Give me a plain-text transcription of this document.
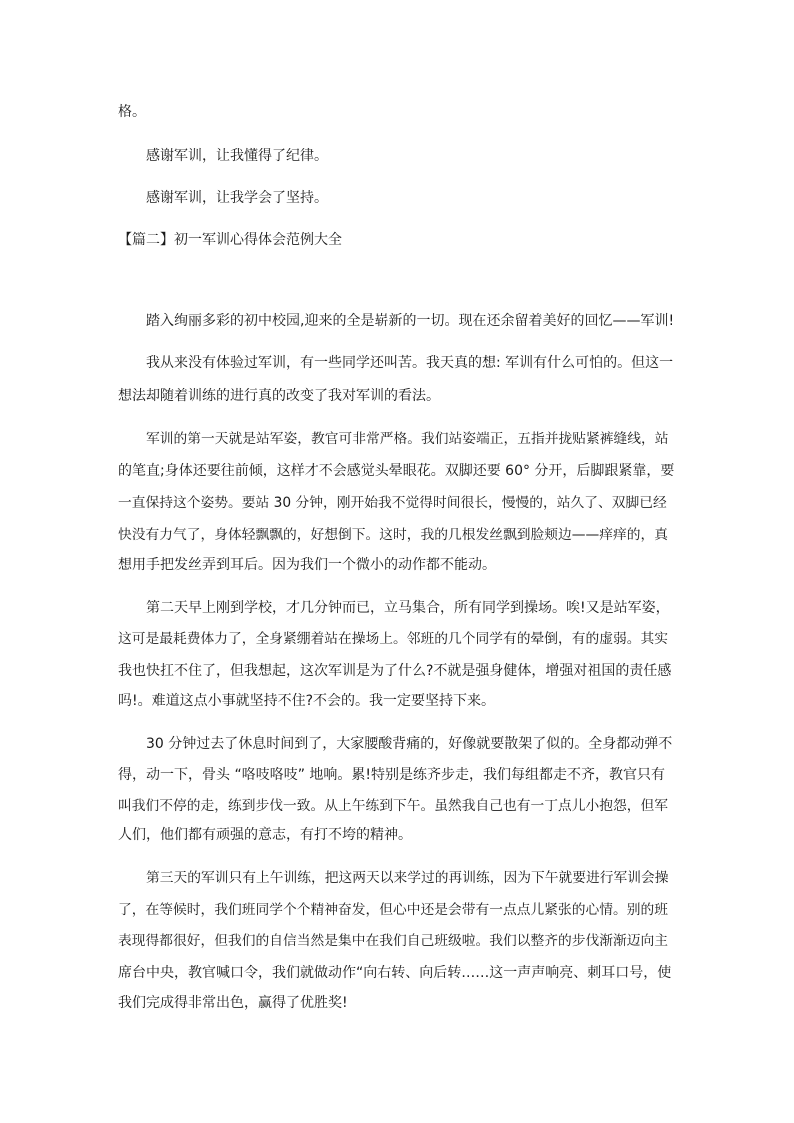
格。
感谢军训，让我懂得了纪律。
感谢军训，让我学会了坚持。
【篇二】初一军训心得体会范例大全
踏入绚丽多彩的初中校园,迎来的全是崭新的一切。现在还余留着美好的回忆——军训!
我从来没有体验过军训，有一些同学还叫苦。我天真的想: 军训有什么可怕的。但这一
想法却随着训练的进行真的改变了我对军训的看法。
军训的第一天就是站军姿，教官可非常严格。我们站姿端正，五指并拢贴紧裤缝线，站
的笔直;身体还要往前倾，这样才不会感觉头晕眼花。双脚还要 60° 分开，后脚跟紧靠，要
一直保持这个姿势。要站 30 分钟，刚开始我不觉得时间很长，慢慢的，站久了、双脚已经
快没有力气了，身体轻飘飘的，好想倒下。这时，我的几根发丝飘到脸颊边——痒痒的，真
想用手把发丝弄到耳后。因为我们一个微小的动作都不能动。
第二天早上刚到学校，才几分钟而已，立马集合，所有同学到操场。唉!又是站军姿，
这可是最耗费体力了，全身紧绷着站在操场上。邻班的几个同学有的晕倒，有的虚弱。其实
我也快扛不住了，但我想起，这次军训是为了什么?不就是强身健体，增强对祖国的责任感
吗!。难道这点小事就坚持不住?不会的。我一定要坚持下来。
30 分钟过去了休息时间到了，大家腰酸背痛的，好像就要散架了似的。全身都动弹不
得，动一下，骨头 “咯吱咯吱” 地响。累!特别是练齐步走，我们每组都走不齐，教官只有
叫我们不停的走，练到步伐一致。从上午练到下午。虽然我自己也有一丁点儿小抱怨，但军
人们，他们都有顽强的意志，有打不垮的精神。
第三天的军训只有上午训练，把这两天以来学过的再训练，因为下午就要进行军训会操
了，在等候时，我们班同学个个精神奋发，但心中还是会带有一点点儿紧张的心情。别的班
表现得都很好，但我们的自信当然是集中在我们自己班级啦。我们以整齐的步伐渐渐迈向主
席台中央，教官喊口令，我们就做动作“向右转、向后转……这一声声响亮、刺耳口号，使
我们完成得非常出色，赢得了优胜奖!
